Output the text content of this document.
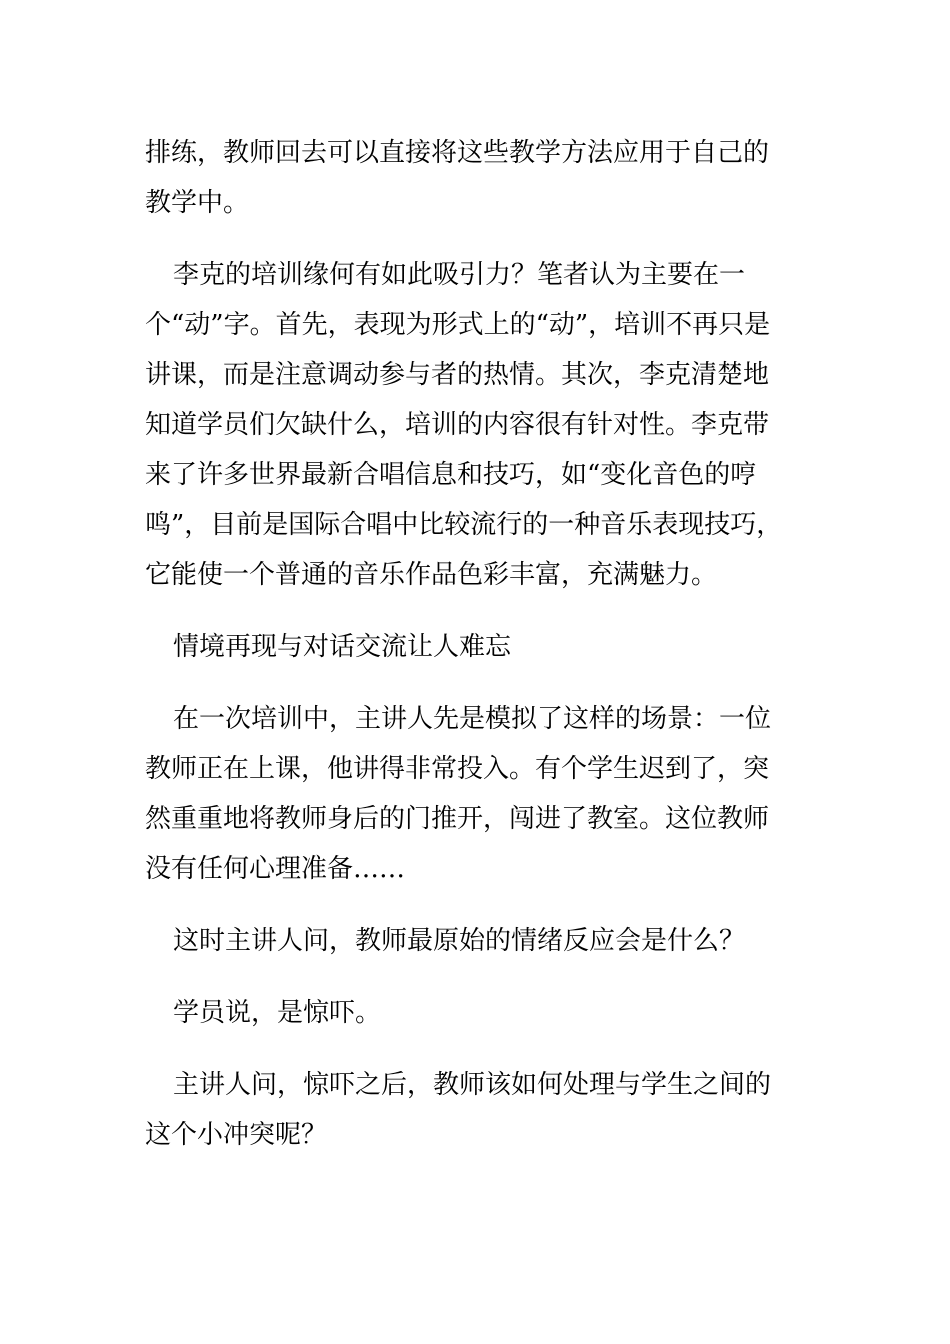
排练，教师回去可以直接将这些教学方法应用于自己的教学中。

李克的培训缘何有如此吸引力？笔者认为主要在一个“动”字。首先，表现为形式上的“动”，培训不再只是讲课，而是注意调动参与者的热情。其次，李克清楚地知道学员们欠缺什么，培训的内容很有针对性。李克带来了许多世界最新合唱信息和技巧，如“变化音色的哼鸣”，目前是国际合唱中比较流行的一种音乐表现技巧，它能使一个普通的音乐作品色彩丰富，充满魅力。

情境再现与对话交流让人难忘

在一次培训中，主讲人先是模拟了这样的场景：一位教师正在上课，他讲得非常投入。有个学生迟到了，突然重重地将教师身后的门推开，闯进了教室。这位教师没有任何心理准备……

这时主讲人问，教师最原始的情绪反应会是什么？

学员说，是惊吓。

主讲人问，惊吓之后，教师该如何处理与学生之间的这个小冲突呢？
